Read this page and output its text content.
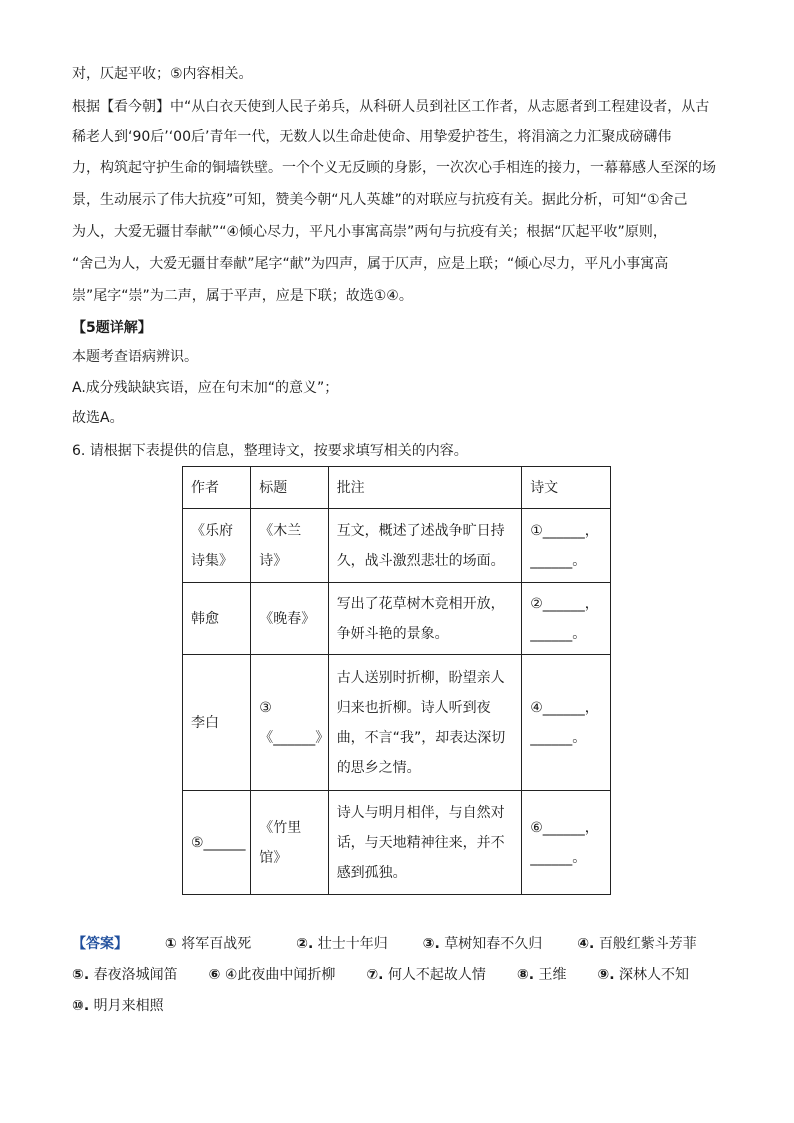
对，仄起平收；⑤内容相关。
根据【看今朝】中“从白衣天使到人民子弟兵，从科研人员到社区工作者，从志愿者到工程建设者，从古
稀老人到‘90后’‘00后’青年一代，无数人以生命赴使命、用挚爱护苍生，将涓滴之力汇聚成磅礴伟
力，构筑起守护生命的铜墙铁壁。一个个义无反顾的身影，一次次心手相连的接力，一幕幕感人至深的场
景，生动展示了伟大抗疫”可知，赞美今朝“凡人英雄”的对联应与抗疫有关。据此分析，可知“①舍己
为人，大爱无疆甘奉献”“④倾心尽力，平凡小事寓高崇”两句与抗疫有关；根据“仄起平收”原则，
“舍己为人，大爱无疆甘奉献”尾字“献”为四声，属于仄声，应是上联；“倾心尽力，平凡小事寓高
崇”尾字“崇”为二声，属于平声，应是下联；故选①④。
【5题详解】
本题考查语病辨识。
A.成分残缺缺宾语，应在句末加“的意义”；
故选A。
6. 请根据下表提供的信息，整理诗文，按要求填写相关的内容。
作者	标题	批注	诗文
《乐府诗集》	《木兰诗》	互文，概述了述战争旷日持久，战斗激烈悲壮的场面。	①______，
______。

韩愈	《晚春》	写出了花草树木竞相开放，争妍斗艳的景象。	②______，
______。

李白	③《______》	古人送别时折柳，盼望亲人归来也折柳。诗人听到夜曲，不言“我”，却表达深切的思乡之情。	④______，
______。

⑤______	《竹里馆》	诗人与明月相伴，与自然对话，与天地精神往来，并不感到孤独。	⑥______，
______。
【答案】	① 将军百战死	②. 壮士十年归 ③. 草树知春不久归 ④. 百般红紫斗芳菲
⑤. 春夜洛城闻笛 ⑥ ④此夜曲中闻折柳 ⑦. 何人不起故人情 ⑧. 王维 ⑨. 深林人不知
⑩. 明月来相照
